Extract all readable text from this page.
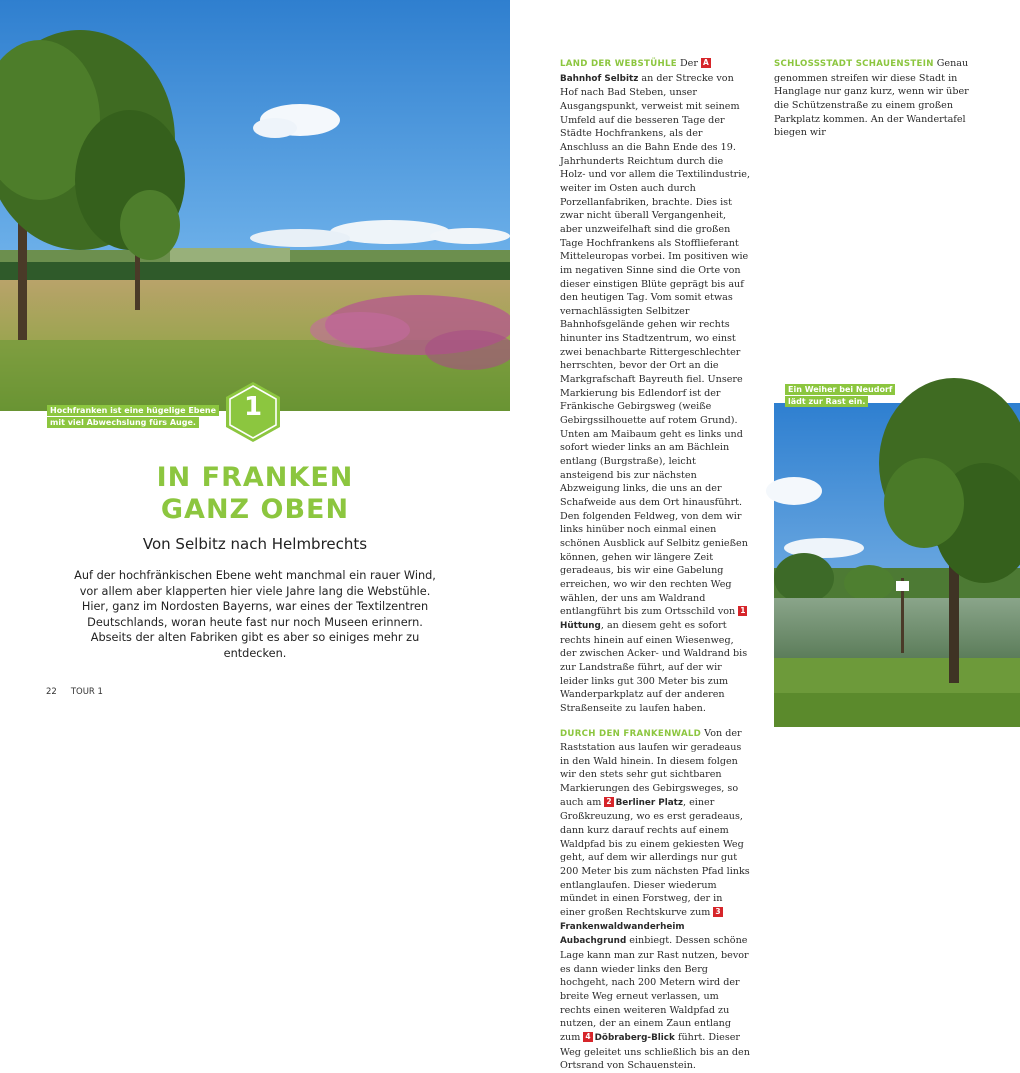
Hochfranken ist eine hügelige Ebene
mit viel Abwechslung fürs Auge.
1
IN FRANKEN
GANZ OBEN
Von Selbitz nach Helmbrechts
Auf der hochfränkischen Ebene weht manchmal ein rauer Wind, vor allem aber klapperten hier viele Jahre lang die Webstühle. Hier, ganz im Nordosten Bayerns, war eines der Textilzentren Deutschlands, woran heute fast nur noch Museen erinnern. Abseits der alten Fabriken gibt es aber so einiges mehr zu entdecken.
22 TOUR 1

LAND DER WEBSTÜHLE Der ABahnhof Selbitz an der Strecke von Hof nach Bad Steben, unser Ausgangspunkt, verweist mit seinem Umfeld auf die besseren Tage der Städte Hochfrankens, als der Anschluss an die Bahn Ende des 19. Jahrhunderts Reichtum durch die Holz- und vor allem die Textilindustrie, weiter im Osten auch durch Porzellanfabriken, brachte. Dies ist zwar nicht überall Vergangenheit, aber unzweifelhaft sind die großen Tage Hochfrankens als Stofflieferant Mitteleuropas vorbei. Im positiven wie im negativen Sinne sind die Orte von dieser einstigen Blüte geprägt bis auf den heutigen Tag. Vom somit etwas vernachlässigten Selbitzer Bahnhofsgelände gehen wir rechts hinunter ins Stadtzentrum, wo einst zwei benachbarte Rittergeschlechter herrschten, bevor der Ort an die Markgrafschaft Bayreuth fiel. Unsere Markierung bis Edlendorf ist der Fränkische Gebirgsweg (weiße Gebirgssilhouette auf rotem Grund). Unten am Maibaum geht es links und sofort wieder links an am Bächlein entlang (Burgstraße), leicht ansteigend bis zur nächsten Abzweigung links, die uns an der Schafweide aus dem Ort hinausführt. Den folgenden Feldweg, von dem wir links hinüber noch einmal einen schönen Ausblick auf Selbitz genießen können, gehen wir längere Zeit geradeaus, bis wir eine Gabelung erreichen, wo wir den rechten Weg wählen, der uns am Waldrand entlangführt bis zum Ortsschild von 1Hüttung, an diesem geht es sofort rechts hinein auf einen Wiesenweg, der zwischen Acker- und Waldrand bis zur Landstraße führt, auf der wir leider links gut 300 Meter bis zum Wanderparkplatz auf der anderen Straßenseite zu laufen haben.

DURCH DEN FRANKENWALD Von der Raststation aus laufen wir geradeaus in den Wald hinein. In diesem folgen wir den stets sehr gut sichtbaren Markierungen des Gebirgsweges, so auch am 2 Berliner Platz, einer Großkreuzung, wo es erst geradeaus, dann kurz darauf rechts auf einem Waldpfad bis zu einem gekiesten Weg geht, auf dem wir allerdings nur gut 200 Meter bis zum nächsten Pfad links entlanglaufen. Dieser wiederum mündet in einen Forstweg, der in einer großen Rechtskurve zum 3Frankenwaldwanderheim Aubachgrund einbiegt. Dessen schöne Lage kann man zur Rast nutzen, bevor es dann wieder links den Berg hochgeht, nach 200 Metern wird der breite Weg erneut verlassen, um rechts einen weiteren Waldpfad zu nutzen, der an einem Zaun entlang zum 4 Döbraberg-Blick führt. Dieser Weg geleitet uns schließlich bis an den Ortsrand von Schauenstein.

SCHLOSSSTADT SCHAUENSTEIN Genau genommen streifen wir diese Stadt in Hanglage nur ganz kurz, wenn wir über die Schützenstraße zu einem großen Parkplatz kommen. An der Wandertafel biegen wir

Ein Weiher bei Neudorf
lädt zur Rast ein.
